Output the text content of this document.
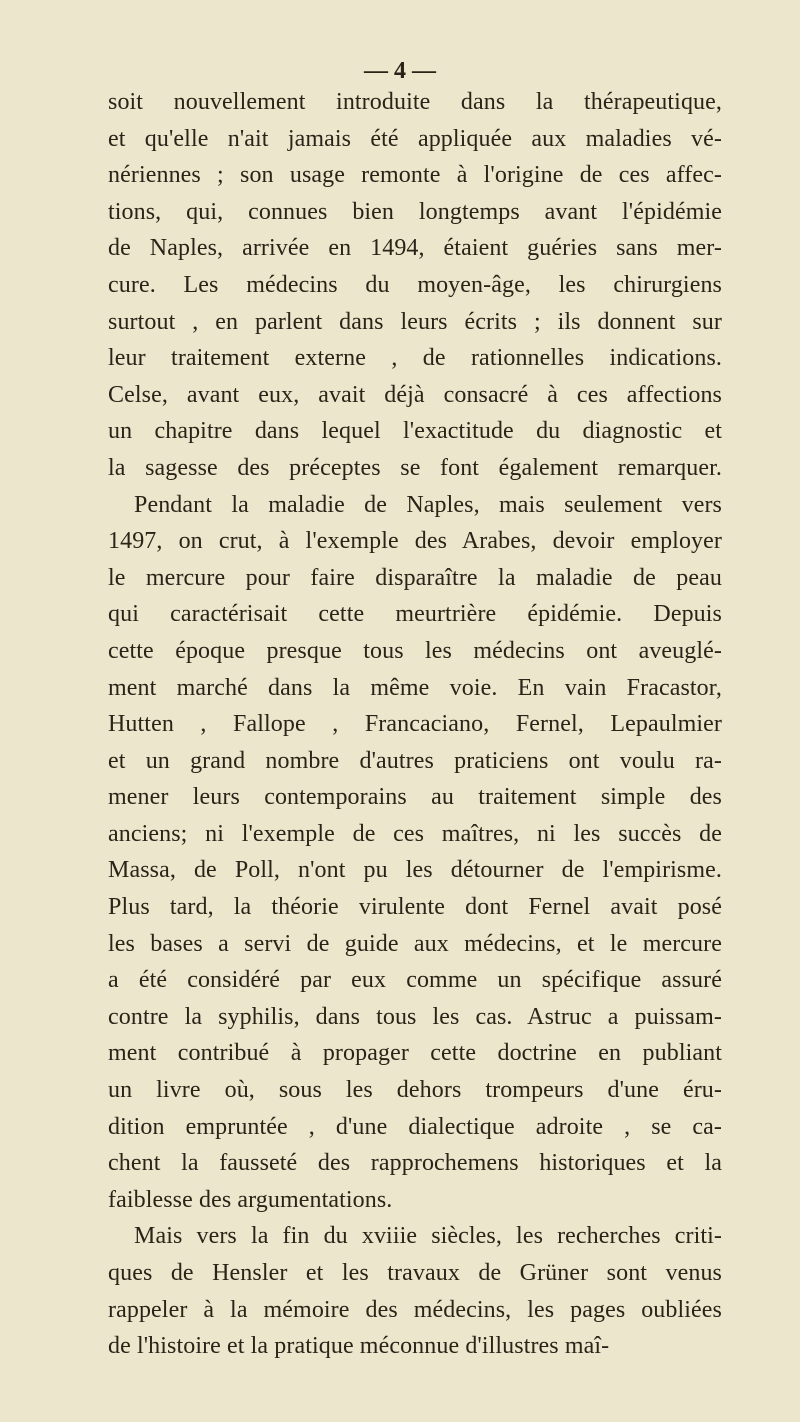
— 4 —
soit nouvellement introduite dans la thérapeutique,
et qu'elle n'ait jamais été appliquée aux maladies vé-
nériennes ; son usage remonte à l'origine de ces affec-
tions, qui, connues bien longtemps avant l'épidémie
de Naples, arrivée en 1494, étaient guéries sans mer-
cure. Les médecins du moyen-âge, les chirurgiens
surtout , en parlent dans leurs écrits ; ils donnent sur
leur traitement externe , de rationnelles indications.
Celse, avant eux, avait déjà consacré à ces affections
un chapitre dans lequel l'exactitude du diagnostic et
la sagesse des préceptes se font également remarquer.
Pendant la maladie de Naples, mais seulement vers
1497, on crut, à l'exemple des Arabes, devoir employer
le mercure pour faire disparaître la maladie de peau
qui caractérisait cette meurtrière épidémie. Depuis
cette époque presque tous les médecins ont aveuglé-
ment marché dans la même voie. En vain Fracastor,
Hutten , Fallope , Francaciano, Fernel, Lepaulmier
et un grand nombre d'autres praticiens ont voulu ra-
mener leurs contemporains au traitement simple des
anciens; ni l'exemple de ces maîtres, ni les succès de
Massa, de Poll, n'ont pu les détourner de l'empirisme.
Plus tard, la théorie virulente dont Fernel avait posé
les bases a servi de guide aux médecins, et le mercure
a été considéré par eux comme un spécifique assuré
contre la syphilis, dans tous les cas. Astruc a puissam-
ment contribué à propager cette doctrine en publiant
un livre où, sous les dehors trompeurs d'une éru-
dition empruntée , d'une dialectique adroite , se ca-
chent la fausseté des rapprochemens historiques et la
faiblesse des argumentations.
Mais vers la fin du xviiie siècles, les recherches criti-
ques de Hensler et les travaux de Grüner sont venus
rappeler à la mémoire des médecins, les pages oubliées
de l'histoire et la pratique méconnue d'illustres maî-
